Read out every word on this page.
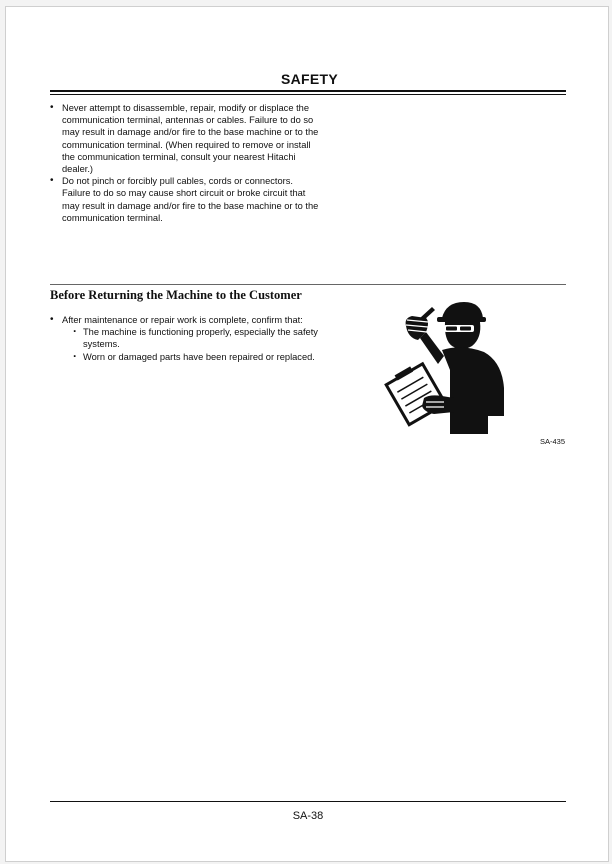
SAFETY
• Never attempt to disassemble, repair, modify or displace the communication terminal, antennas or cables. Failure to do so may result in damage and/or fire to the base machine or to the communication terminal. (When required to remove or install the communication terminal, consult your nearest Hitachi dealer.)
• Do not pinch or forcibly pull cables, cords or connectors. Failure to do so may cause short circuit or broke circuit that may result in damage and/or fire to the base machine or to the communication terminal.
Before Returning the Machine to the Customer
• After maintenance or repair work is complete, confirm that:
· The machine is functioning properly, especially the safety systems.
· Worn or damaged parts have been repaired or replaced.
SA-435
SA-38
